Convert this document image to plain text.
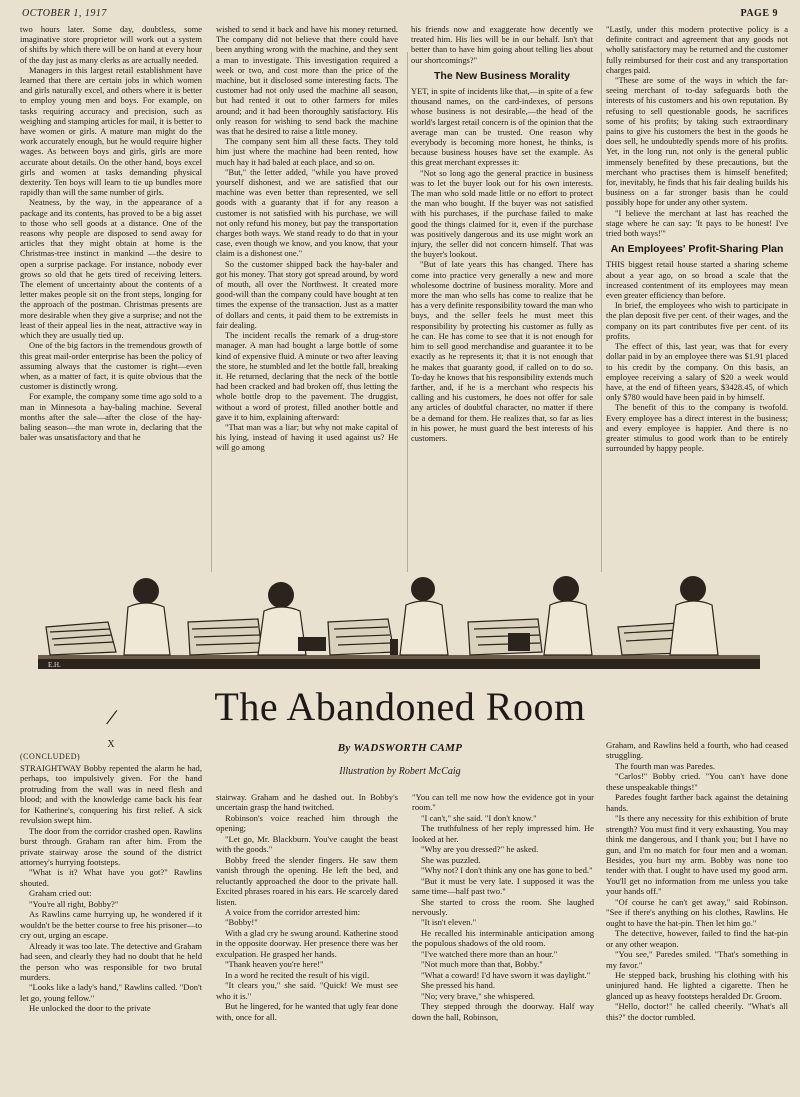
OCTOBER 1, 1917	PAGE 9

two hours later. Some day, doubtless, some imaginative store proprietor will work out a system of shifts by which there will be on hand at every hour of the day just as many clerks as are actually needed.

Managers in this largest retail establishment have learned that there are certain jobs in which women and girls naturally excel, and others where it is better to employ young men and boys. For example, on tasks requiring accuracy and precision, such as weighing and stamping articles for mail, it is better to have women or girls. A mature man might do the work accurately enough, but he would require higher wages. As between boys and girls, girls are more accurate about details. On the other hand, boys excel girls and women at tasks demanding physical dexterity. Ten boys will learn to tie up bundles more rapidly than will the same number of girls.

Neatness, by the way, in the appearance of a package and its contents, has proved to be a big asset to those who sell goods at a distance. One of the reasons why people are disposed to send away for articles that they might obtain at home is the Christmas-tree instinct in mankind —the desire to open a surprise package. For instance, nobody ever grows so old that he gets tired of receiving letters. The element of uncertainty about the contents of a letter makes people sit on the front steps, longing for the approach of the postman. Christmas presents are more desirable when they give a surprise; and not the least of their appeal lies in the neat, attractive way in which they are usually tied up.

One of the big factors in the tremendous growth of this great mail-order enterprise has been the policy of assuming always that the customer is right—even when, as a matter of fact, it is quite obvious that the customer is distinctly wrong.

For example, the company some time ago sold to a man in Minnesota a hay-baling machine. Several months after the sale—after the close of the hay-baling season—the man wrote in, declaring that the baler was unsatisfactory and that he

wished to send it back and have his money returned. The company did not believe that there could have been anything wrong with the machine, and they sent a man to investigate. This investigation required a week or two, and cost more than the price of the machine, but it disclosed some interesting facts. The customer had not only used the machine all season, but had rented it out to other farmers for miles around; and it had been thoroughly satisfactory. His only reason for wishing to send back the machine was that he desired to raise a little money.

The company sent him all these facts. They told him just where the machine had been rented, how much hay it had baled at each place, and so on.

"But," the letter added, "while you have proved yourself dishonest, and we are satisfied that our machine was even better than represented, we sell goods with a guaranty that if for any reason a customer is not satisfied with his purchase, we will not only refund his money, but pay the transportation charges both ways. We stand ready to do that in your case, even though we know, and you know, that your claim is a dishonest one."

So the customer shipped back the hay-baler and got his money. That story got spread around, by word of mouth, all over the Northwest. It created more good-will than the company could have bought at ten times the expense of the transaction. Just as a matter of dollars and cents, it paid them to be extremists in fair dealing.

The incident recalls the remark of a drug-store manager. A man had bought a large bottle of some kind of expensive fluid. A minute or two after leaving the store, he stumbled and let the bottle fall, breaking it. He returned, declaring that the neck of the bottle had been cracked and had broken off, thus letting the whole bottle drop to the pavement. The druggist, without a word of protest, filled another bottle and gave it to him, explaining afterward:

"That man was a liar; but why not make capital of his lying, instead of having it used against us? He will go among

his friends now and exaggerate how decently we treated him. His lies will be in our behalf. Isn't that better than to have him going about telling lies about our shortcomings?"

The New Business Morality

YET, in spite of incidents like that,—in spite of a few thousand names, on the card-indexes, of persons whose business is not desirable,—the head of the world's largest retail concern is of the opinion that the average man can be trusted. One reason why everybody is becoming more honest, he thinks, is because business houses have set the example. As this great merchant expresses it:

"Not so long ago the general practice in business was to let the buyer look out for his own interests. The man who sold made little or no effort to protect the man who bought. If the buyer was not satisfied with his purchases, if the purchase failed to make good the things claimed for it, even if the purchase was positively dangerous and its use might work an injury, the seller did not concern himself. That was the buyer's lookout.

"But of late years this has changed. There has come into practice very generally a new and more wholesome doctrine of business morality. More and more the man who sells has come to realize that he has a very definite responsibility toward the man who buys, and the seller feels he must meet this responsibility by protecting his customer as fully as he can. He has come to see that it is not enough for him to sell good merchandise and guarantee it to be exactly as he represents it; that it is not enough that he makes that guaranty good, if called on to do so. To-day he knows that his responsibility extends much farther, and, if he is a merchant who respects his calling and his customers, he does not offer for sale any articles of doubtful character, no matter if there be a demand for them. He realizes that, so far as lies in his power, he must guard the best interests of his customers.

"Lastly, under this modern protective policy is a definite contract and agreement that any goods not wholly satisfactory may be returned and the customer fully reimbursed for their cost and any transportation charges paid.

"These are some of the ways in which the far-seeing merchant of to-day safeguards both the interests of his customers and his own reputation. By refusing to sell questionable goods, he sacrifices some of his profits; by taking such extraordinary pains to give his customers the best in the goods he does sell, he undoubtedly spends more of his profits. Yet, in the long run, not only is the general public immensely benefited by these precautions, but the merchant who practises them is himself benefited; for, inevitably, he finds that his fair dealing builds his business on a far stronger basis than he could possibly hope for under any other system.

"I believe the merchant at last has reached the stage where he can say: 'It pays to be honest! I've tried both ways!'"

An Employees' Profit-Sharing Plan

THIS biggest retail house started a sharing scheme about a year ago, on so broad a scale that the increased contentment of its employees may mean even greater efficiency than before.

In brief, the employees who wish to participate in the plan deposit five per cent. of their wages, and the company on its part contributes five per cent. of its profits.

The effect of this, last year, was that for every dollar paid in by an employee there was $1.91 placed to his credit by the company. On this basis, an employee receiving a salary of $20 a week would have, at the end of fifteen years, $3428.45, of which only $780 would have been paid in by himself.

The benefit of this to the company is twofold. Every employee has a direct interest in the business; and every employee is happier. And there is no greater stimulus to good work than to be entirely surrounded by happy people.

E.H.
/	The Abandoned Room
By WADSWORTH CAMP
Illustration by Robert McCaig
X

(CONCLUDED)

STRAIGHTWAY Bobby repented the alarm he had, perhaps, too impulsively given. For the hand protruding from the wall was in need flesh and blood; and with the knowledge came back his fear for Katherine's, conquering his first relief. A sick revulsion swept him.

The door from the corridor crashed open. Rawlins burst through. Graham ran after him. From the private stairway arose the sound of the district attorney's hurrying footsteps.

"What is it? What have you got?" Rawlins shouted.

Graham cried out:

"You're all right, Bobby?"

As Rawlins came hurrying up, he wondered if it wouldn't be the better course to free his prisoner—to cry out, urging an escape.

Already it was too late. The detective and Graham had seen, and clearly they had no doubt that he held the person who was responsible for two brutal murders.

"Looks like a lady's hand," Rawlins called. "Don't let go, young fellow."

He unlocked the door to the private

stairway. Graham and he dashed out. In Bobby's uncertain grasp the hand twitched.

Robinson's voice reached him through the opening;

"Let go, Mr. Blackburn. You've caught the beast with the goods."

Bobby freed the slender fingers. He saw them vanish through the opening. He left the bed, and reluctantly approached the door to the private hall. Excited phrases roared in his ears. He scarcely dared listen.

A voice from the corridor arrested him:

"Bobby!"

With a glad cry he swung around. Katherine stood in the opposite doorway. Her presence there was her exculpation. He grasped her hands.

"Thank heaven you're here!"

In a word he recited the result of his vigil.

"It clears you," she said. "Quick! We must see who it is."

But he lingered, for he wanted that ugly fear done with, once for all.

"You can tell me now how the evidence got in your room."

"I can't," she said. "I don't know."

The truthfulness of her reply impressed him. He looked at her.

"Why are you dressed?" he asked.

She was puzzled.

"Why not? I don't think any one has gone to bed."

"But it must be very late. I supposed it was the same time—half past two."

She started to cross the room. She laughed nervously.

"It isn't eleven."

He recalled his interminable anticipation among the populous shadows of the old room.

"I've watched there more than an hour."

"Not much more than that, Bobby."

"What a coward! I'd have sworn it was daylight."

She pressed his hand.

"No; very brave," she whispered.

They stepped through the doorway. Half way down the hall, Robinson,

Graham, and Rawlins held a fourth, who had ceased struggling.

The fourth man was Paredes.

"Carlos!" Bobby cried. "You can't have done these unspeakable things!"

Paredes fought farther back against the detaining hands.

"Is there any necessity for this exhibition of brute strength? You must find it very exhausting. You may think me dangerous, and I thank you; but I have no gun, and I'm no match for four men and a woman. Besides, you hurt my arm. Bobby was none too tender with that. I ought to have used my good arm. You'll get no information from me unless you take your hands off."

"Of course he can't get away," said Robinson. "See if there's anything on his clothes, Rawlins. He ought to have the hat-pin. Then let him go."

The detective, however, failed to find the hat-pin or any other weapon.

"You see," Paredes smiled. "That's something in my favor."

He stepped back, brushing his clothing with his uninjured hand. He lighted a cigarette. Then he glanced up as heavy footsteps heralded Dr. Groom.

"Hello, doctor!" he called cheerily. "What's all this?" the doctor rumbled.
